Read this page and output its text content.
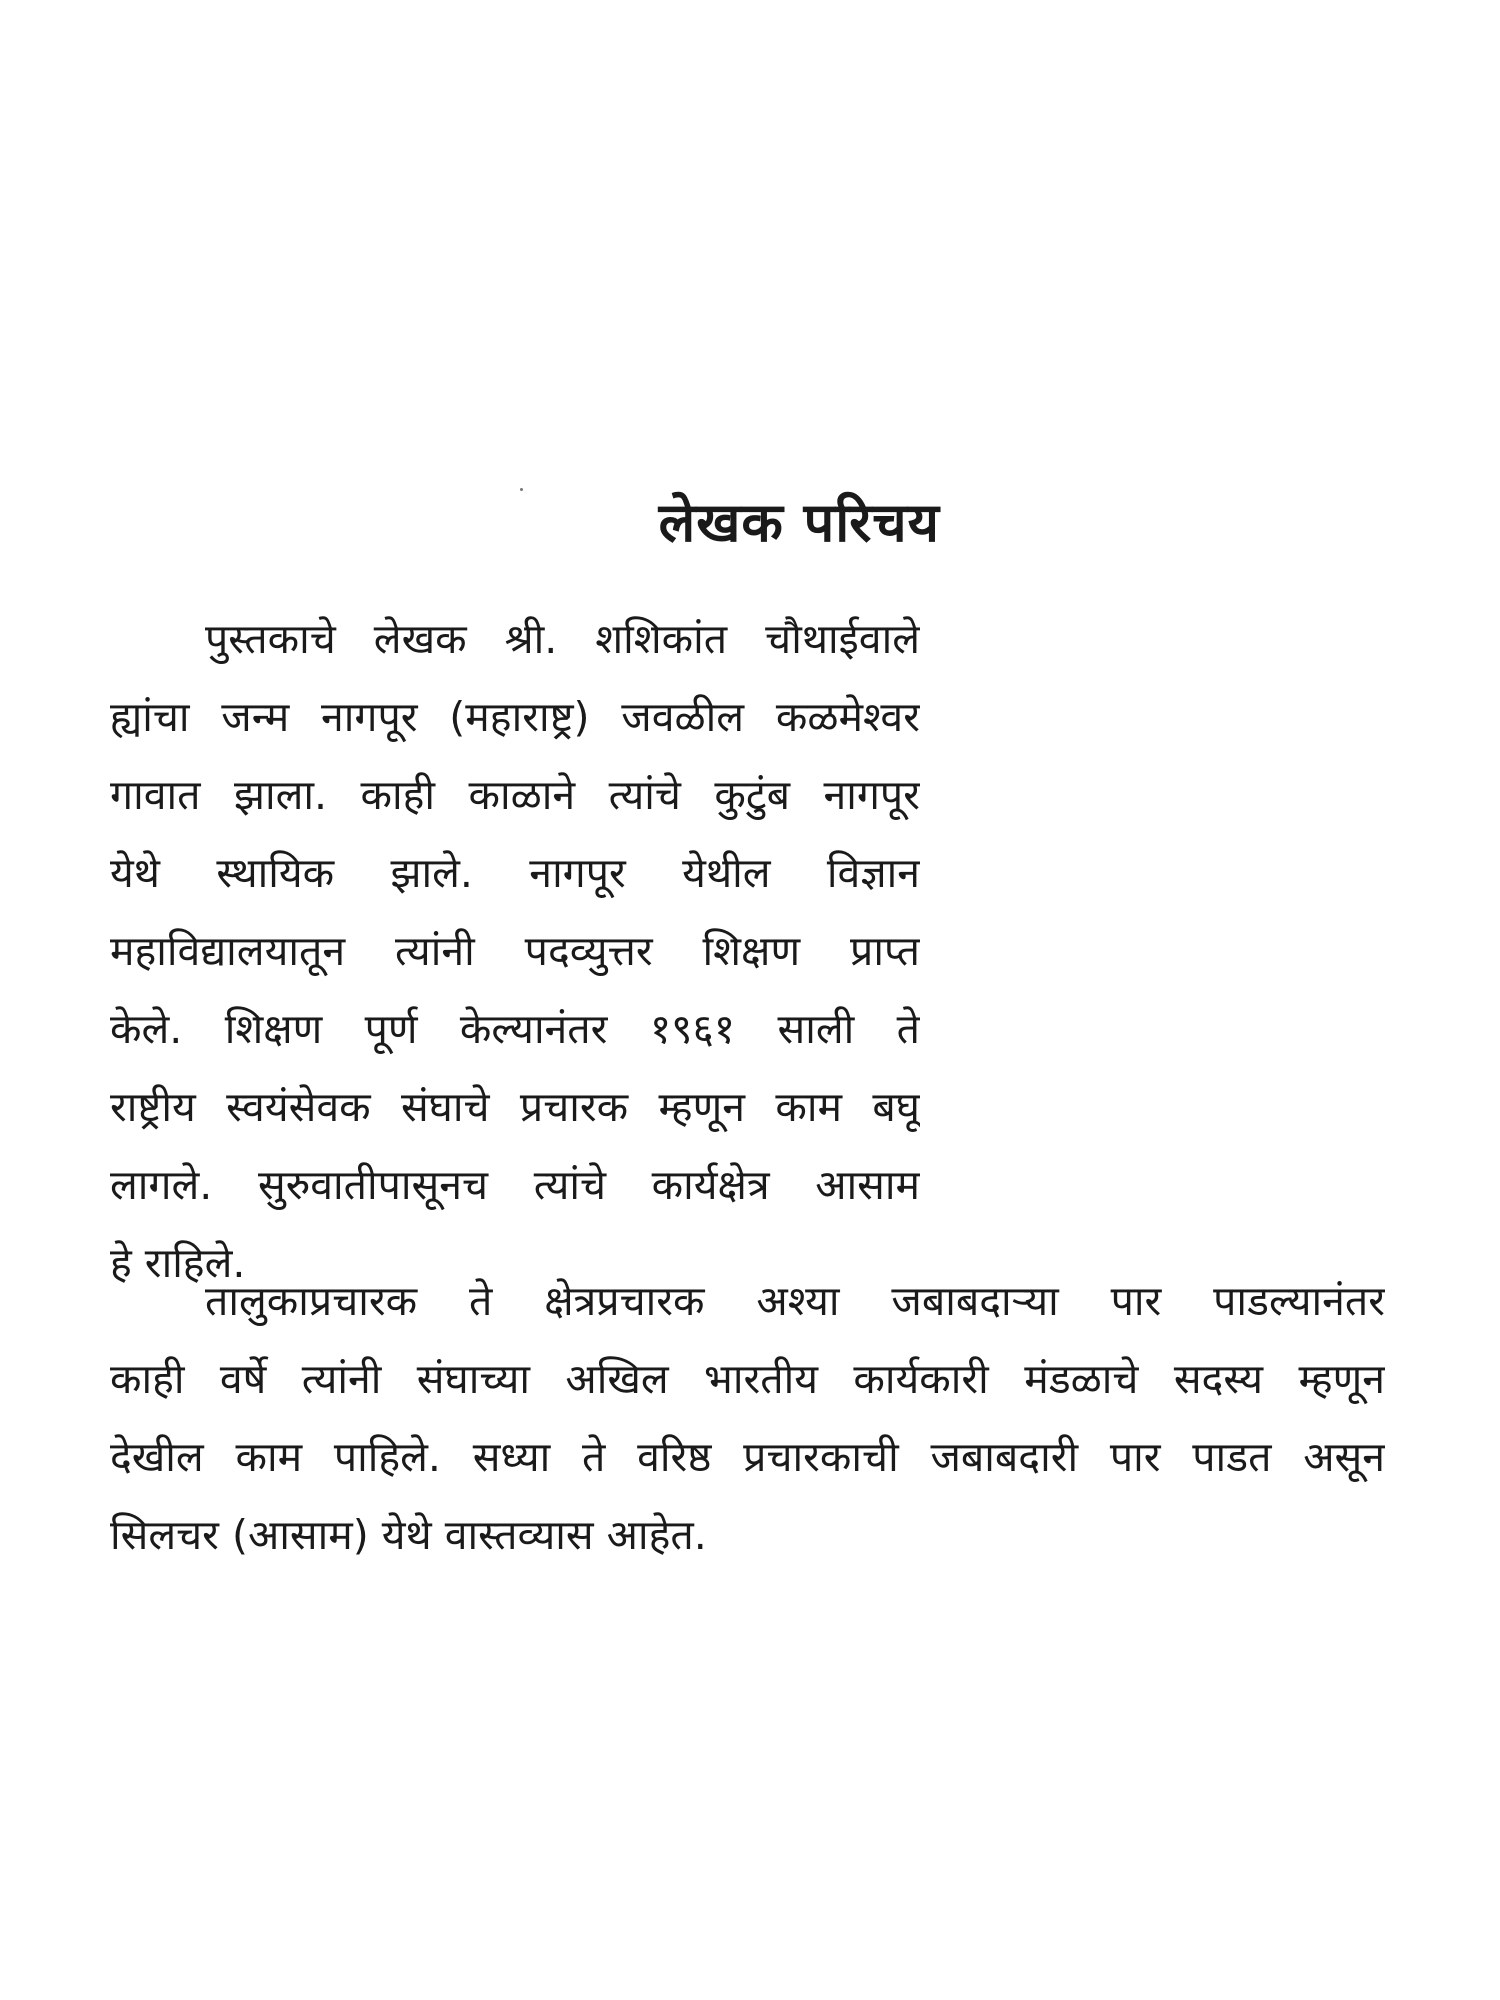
लेखक परिचय
पुस्तकाचे लेखक श्री. शशिकांत चौथाईवाले
ह्यांचा जन्म नागपूर (महाराष्ट्र) जवळील कळमेश्वर
गावात झाला. काही काळाने त्यांचे कुटुंब नागपूर
येथे स्थायिक झाले. नागपूर येथील विज्ञान
महाविद्यालयातून त्यांनी पदव्युत्तर शिक्षण प्राप्त
केले. शिक्षण पूर्ण केल्यानंतर १९६१ साली ते
राष्ट्रीय स्वयंसेवक संघाचे प्रचारक म्हणून काम बघू
लागले. सुरुवातीपासूनच त्यांचे कार्यक्षेत्र आसाम
हे राहिले.
तालुकाप्रचारक ते क्षेत्रप्रचारक अश्या जबाबदाऱ्या पार पाडल्यानंतर
काही वर्षे त्यांनी संघाच्या अखिल भारतीय कार्यकारी मंडळाचे सदस्य म्हणून
देखील काम पाहिले. सध्या ते वरिष्ठ प्रचारकाची जबाबदारी पार पाडत असून
सिलचर (आसाम) येथे वास्तव्यास आहेत.
